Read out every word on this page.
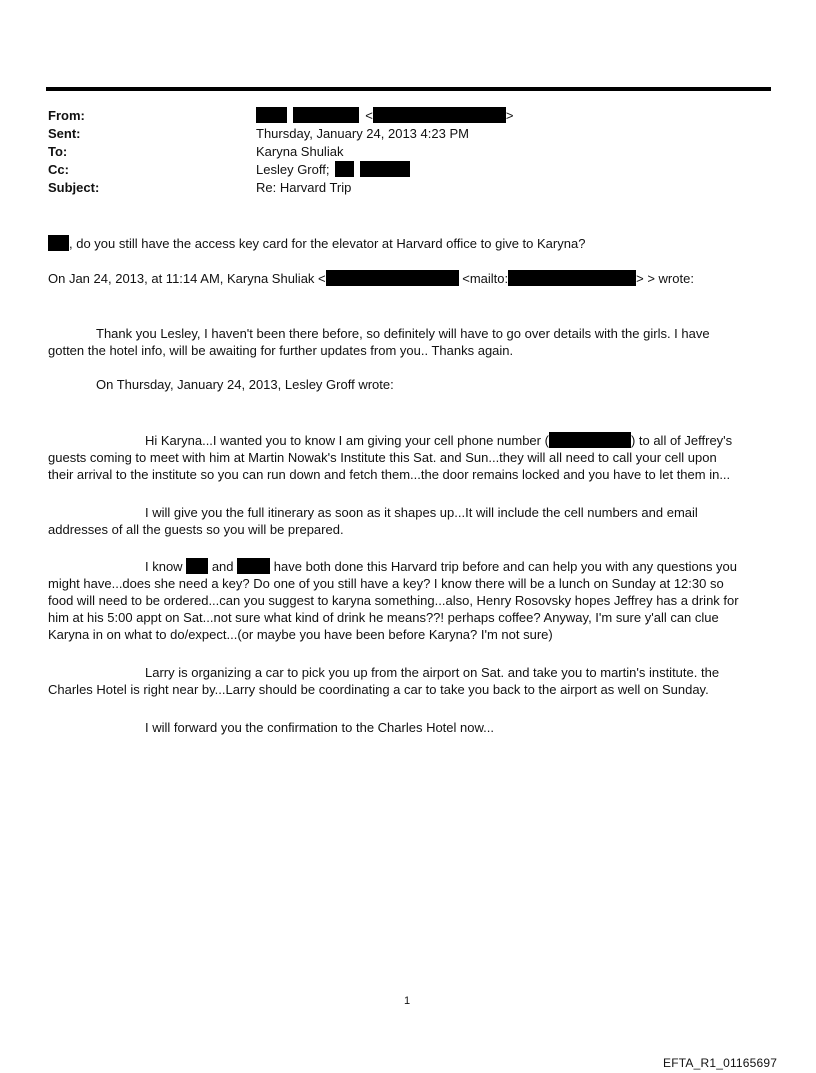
From:	<	>
Sent:	Thursday, January 24, 2013 4:23 PM
To:	Karyna Shuliak
Cc:	Lesley Groff;
Subject:	Re: Harvard Trip
, do you still have the access key card for the elevator at Harvard office to give to Karyna?
On Jan 24, 2013, at 11:14 AM, Karyna Shuliak <	<mailto:	> > wrote:
Thank you Lesley, I haven't been there before, so definitely will have to go over details with the girls. I have
gotten the hotel info, will be awaiting for further updates from you.. Thanks again.
On Thursday, January 24, 2013, Lesley Groff wrote:
Hi Karyna...I wanted you to know I am giving your cell phone number (	) to all of Jeffrey's
guests coming to meet with him at Martin Nowak's Institute this Sat. and Sun...they will all need to call your cell upon
their arrival to the institute so you can run down and fetch them...the door remains locked and you have to let them in...
I will give you the full itinerary as soon as it shapes up...It will include the cell numbers and email
addresses of all the guests so you will be prepared.
I know and	have both done this Harvard trip before and can help you with any questions you
might have...does she need a key? Do one of you still have a key? I know there will be a lunch on Sunday at 12:30 so
food will need to be ordered...can you suggest to karyna something...also, Henry Rosovsky hopes Jeffrey has a drink for
him at his 5:00 appt on Sat...not sure what kind of drink he means??! perhaps coffee? Anyway, I'm sure y'all can clue
Karyna in on what to do/expect...(or maybe you have been before Karyna? I'm not sure)
Larry is organizing a car to pick you up from the airport on Sat. and take you to martin's institute. the
Charles Hotel is right near by...Larry should be coordinating a car to take you back to the airport as well on Sunday.
I will forward you the confirmation to the Charles Hotel now...
1
EFTA_R1_01165697
